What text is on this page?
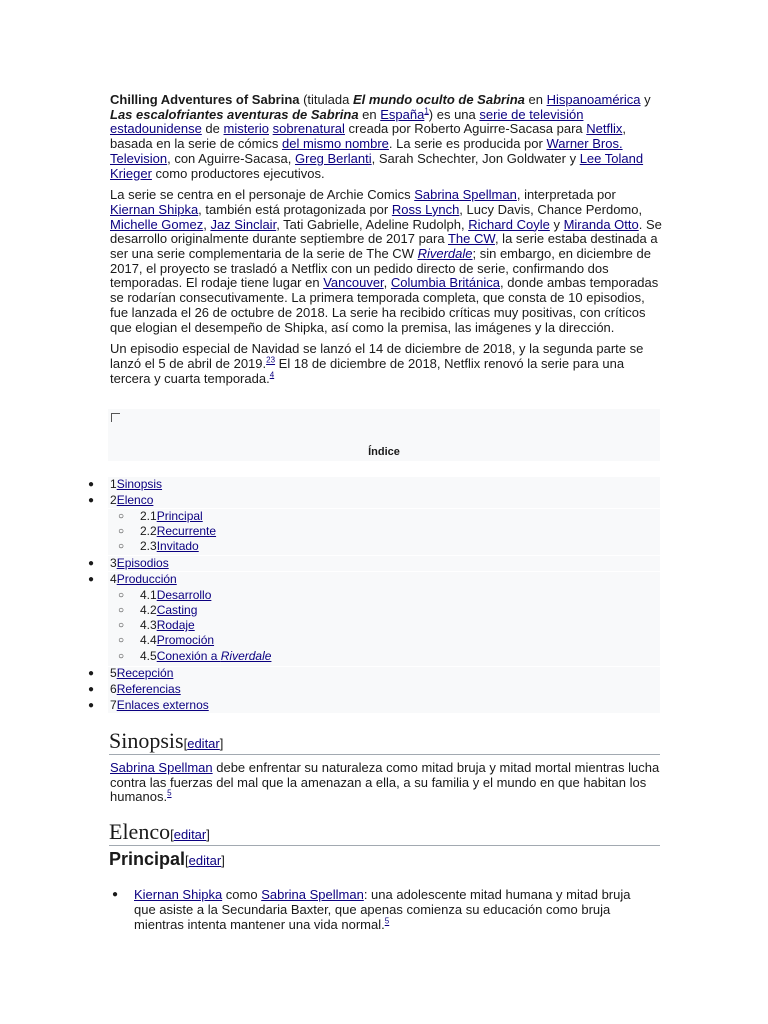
Chilling Adventures of Sabrina (titulada El mundo oculto de Sabrina en Hispanoamérica y Las escalofriantes aventuras de Sabrina en España$^1$) es una serie de televisión estadounidense de misterio sobrenatural creada por Roberto Aguirre-Sacasa para Netflix, basada en la serie de cómics del mismo nombre. La serie es producida por Warner Bros. Television, con Aguirre-Sacasa, Greg Berlanti, Sarah Schechter, Jon Goldwater y Lee Toland Krieger como productores ejecutivos.

La serie se centra en el personaje de Archie Comics Sabrina Spellman, interpretada por Kiernan Shipka, también está protagonizada por Ross Lynch, Lucy Davis, Chance Perdomo, Michelle Gomez, Jaz Sinclair, Tati Gabrielle, Adeline Rudolph, Richard Coyle y Miranda Otto. Se desarrollo originalmente durante septiembre de 2017 para The CW, la serie estaba destinada a ser una serie complementaria de la serie de The CW Riverdale; sin embargo, en diciembre de 2017, el proyecto se trasladó a Netflix con un pedido directo de serie, confirmando dos temporadas. El rodaje tiene lugar en Vancouver, Columbia Británica, donde ambas temporadas se rodarían consecutivamente. La primera temporada completa, que consta de 10 episodios, fue lanzada el 26 de octubre de 2018. La serie ha recibido críticas muy positivas, con críticos que elogian el desempeño de Shipka, así como la premisa, las imágenes y la dirección.

Un episodio especial de Navidad se lanzó el 14 de diciembre de 2018, y la segunda parte se lanzó el 5 de abril de 2019.23 El 18 de diciembre de 2018, Netflix renovó la serie para una tercera y cuarta temporada.$^4$

Índice
● 1Sinopsis
● 2Elenco
○ 2.1Principal
○ 2.2Recurrente
○ 2.3Invitado
● 3Episodios
● 4Producción
○ 4.1Desarrollo
○ 4.2Casting
○ 4.3Rodaje
○ 4.4Promoción
○ 4.5Conexión a Riverdale
● 5Recepción
● 6Referencias
● 7Enlaces externos
Sinopsis[editar]
Sabrina Spellman debe enfrentar su naturaleza como mitad bruja y mitad mortal mientras lucha contra las fuerzas del mal que la amenazan a ella, a su familia y el mundo en que habitan los humanos.$^5$
Elenco[editar]
Principal[editar]
● Kiernan Shipka como Sabrina Spellman: una adolescente mitad humana y mitad bruja que asiste a la Secundaria Baxter, que apenas comienza su educación como bruja mientras intenta mantener una vida normal.$^5$
